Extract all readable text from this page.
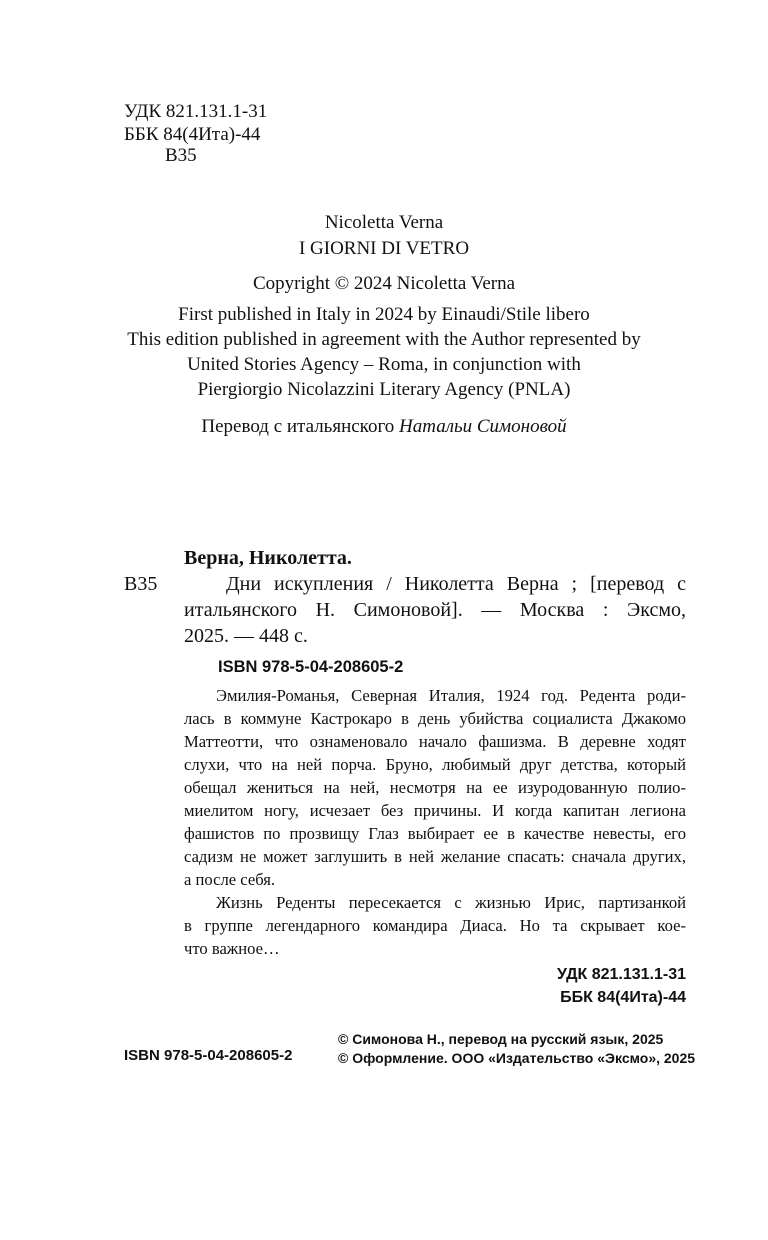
УДК 821.131.1-31
ББК 84(4Ита)-44
В35
Nicoletta Verna
I GIORNI DI VETRO
Copyright © 2024 Nicoletta Verna
First published in Italy in 2024 by Einaudi/Stile libero
This edition published in agreement with the Author represented by
United Stories Agency – Roma, in conjunction with
Piergiorgio Nicolazzini Literary Agency (PNLA)
Перевод с итальянского Натальи Симоновой
Верна, Николетта.
В35	Дни искупления / Николетта Верна ; [перевод с
итальянского Н. Симоновой]. — Москва : Эксмо,
2025. — 448 с.
ISBN 978-5-04-208605-2
Эмилия-Романья, Северная Италия, 1924 год. Редента роди-
лась в коммуне Кастрокаро в день убийства социалиста Джакомо
Маттеотти, что ознаменовало начало фашизма. В деревне ходят
слухи, что на ней порча. Бруно, любимый друг детства, который
обещал жениться на ней, несмотря на ее изуродованную полио-
миелитом ногу, исчезает без причины. И когда капитан легиона
фашистов по прозвищу Глаз выбирает ее в качестве невесты, его
садизм не может заглушить в ней желание спасать: сначала других,
а после себя.
Жизнь Реденты пересекается с жизнью Ирис, партизанкой
в группе легендарного командира Диаса. Но та скрывает кое-
что важное…
УДК 821.131.1-31
ББК 84(4Ита)-44
ISBN 978-5-04-208605-2
© Симонова Н., перевод на русский язык, 2025
© Оформление. ООО «Издательство «Эксмо», 2025
